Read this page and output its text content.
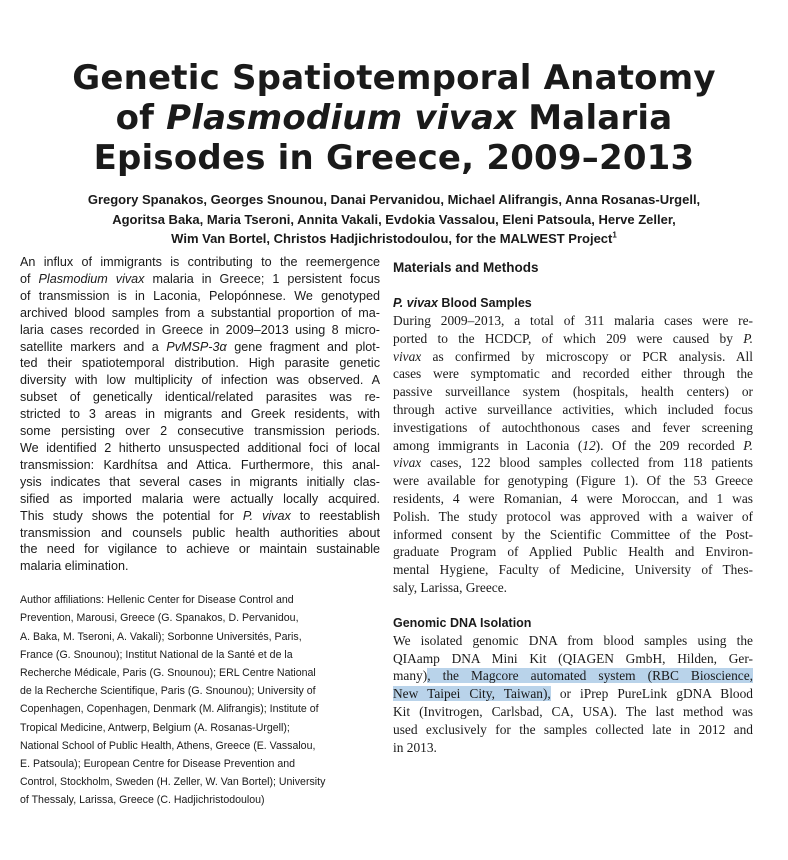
Genetic Spatiotemporal Anatomy
of Plasmodium vivax Malaria
Episodes in Greece, 2009–2013
Gregory Spanakos, Georges Snounou, Danai Pervanidou, Michael Alifrangis, Anna Rosanas-Urgell,
Agoritsa Baka, Maria Tseroni, Annita Vakali, Evdokia Vassalou, Eleni Patsoula, Herve Zeller,
Wim Van Bortel, Christos Hadjichristodoulou, for the MALWEST Project$^1$

An influx of immigrants is contributing to the reemergence

of Plasmodium vivax malaria in Greece; 1 persistent focus

of transmission is in Laconia, Pelopónnese. We genotyped

archived blood samples from a substantial proportion of ma-

laria cases recorded in Greece in 2009–2013 using 8 micro-

satellite markers and a PvMSP-3α gene fragment and plot-

ted their spatiotemporal distribution. High parasite genetic

diversity with low multiplicity of infection was observed. A

subset of genetically identical/related parasites was re-

stricted to 3 areas in migrants and Greek residents, with

some persisting over 2 consecutive transmission periods.

We identified 2 hitherto unsuspected additional foci of local

transmission: Kardhítsa and Attica. Furthermore, this anal-

ysis indicates that several cases in migrants initially clas-

sified as imported malaria were actually locally acquired.

This study shows the potential for P. vivax to reestablish

transmission and counsels public health authorities about

the need for vigilance to achieve or maintain sustainable

malaria elimination.

Author affiliations: Hellenic Center for Disease Control and

Prevention, Marousi, Greece (G. Spanakos, D. Pervanidou,

A. Baka, M. Tseroni, A. Vakali); Sorbonne Universités, Paris,

France (G. Snounou); Institut National de la Santé et de la

Recherche Médicale, Paris (G. Snounou); ERL Centre National

de la Recherche Scientifique, Paris (G. Snounou); University of

Copenhagen, Copenhagen, Denmark (M. Alifrangis); Institute of

Tropical Medicine, Antwerp, Belgium (A. Rosanas-Urgell);

National School of Public Health, Athens, Greece (E. Vassalou,

E. Patsoula); European Centre for Disease Prevention and

Control, Stockholm, Sweden (H. Zeller, W. Van Bortel); University

of Thessaly, Larissa, Greece (C. Hadjichristodoulou)

Materials and Methods
P. vivax Blood Samples

During 2009–2013, a total of 311 malaria cases were re-

ported to the HCDCP, of which 209 were caused by P.

vivax as confirmed by microscopy or PCR analysis. All

cases were symptomatic and recorded either through the

passive surveillance system (hospitals, health centers) or

through active surveillance activities, which included focus

investigations of autochthonous cases and fever screening

among immigrants in Laconia (12). Of the 209 recorded P.

vivax cases, 122 blood samples collected from 118 patients

were available for genotyping (Figure 1). Of the 53 Greece

residents, 4 were Romanian, 4 were Moroccan, and 1 was

Polish. The study protocol was approved with a waiver of

informed consent by the Scientific Committee of the Post-

graduate Program of Applied Public Health and Environ-

mental Hygiene, Faculty of Medicine, University of Thes-

saly, Larissa, Greece.

Genomic DNA Isolation

We isolated genomic DNA from blood samples using the

QIAamp DNA Mini Kit (QIAGEN GmbH, Hilden, Ger-

many), the Magcore automated system (RBC Bioscience,

New Taipei City, Taiwan), or iPrep PureLink gDNA Blood

Kit (Invitrogen, Carlsbad, CA, USA). The last method was

used exclusively for the samples collected late in 2012 and

in 2013.
